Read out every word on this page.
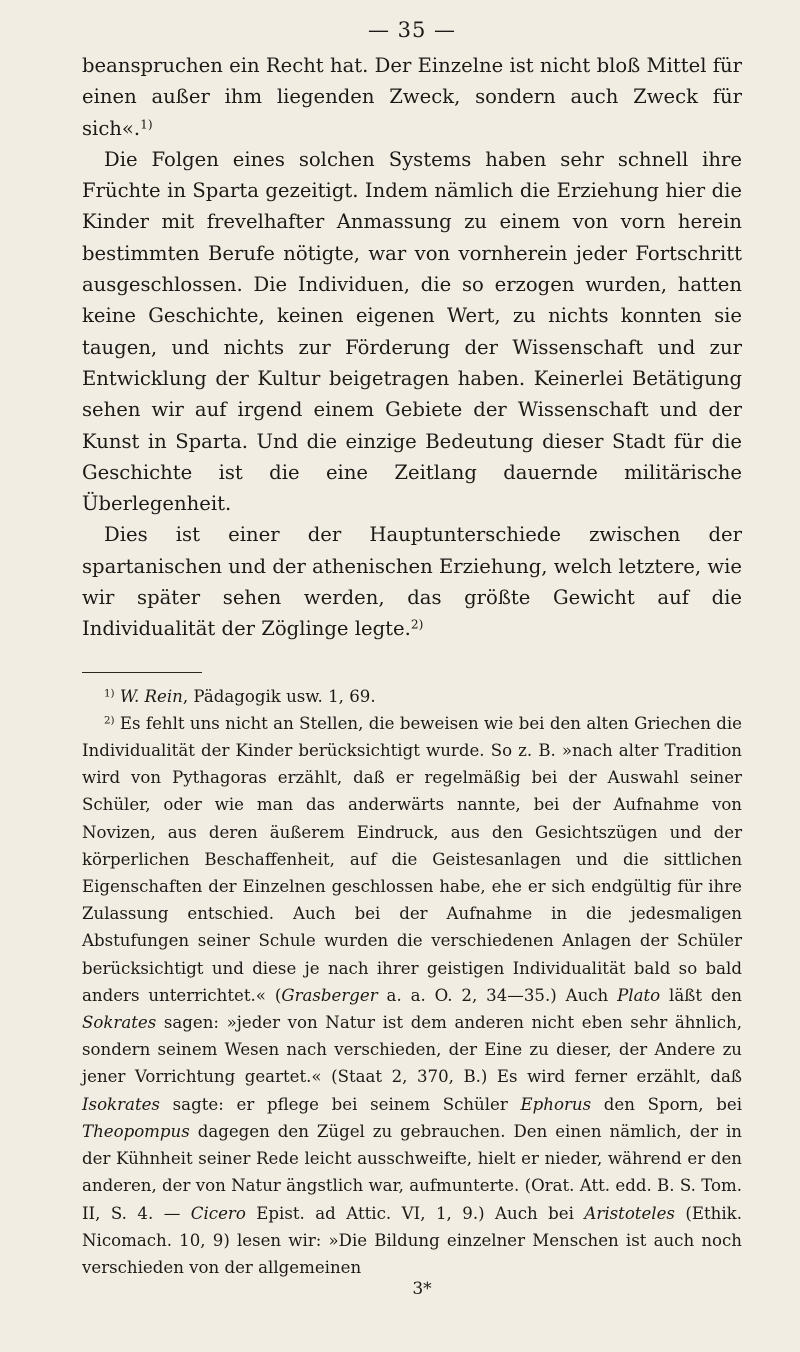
— 35 —

beanspruchen ein Recht hat. Der Einzelne ist nicht bloß Mittel für einen außer ihm liegenden Zweck, sondern auch Zweck für sich«.$^{1)}$

Die Folgen eines solchen Systems haben sehr schnell ihre Früchte in Sparta gezeitigt. Indem nämlich die Erziehung hier die Kinder mit frevelhafter Anmassung zu einem von vorn herein bestimmten Berufe nötigte, war von vornherein jeder Fortschritt ausgeschlossen. Die Individuen, die so erzogen wurden, hatten keine Geschichte, keinen eigenen Wert, zu nichts konnten sie taugen, und nichts zur Förderung der Wissenschaft und zur Entwicklung der Kultur beigetragen haben. Keinerlei Betätigung sehen wir auf irgend einem Gebiete der Wissenschaft und der Kunst in Sparta. Und die einzige Bedeutung dieser Stadt für die Geschichte ist die eine Zeitlang dauernde militärische Überlegenheit.

Dies ist einer der Hauptunterschiede zwischen der spartanischen und der athenischen Erziehung, welch letztere, wie wir später sehen werden, das größte Gewicht auf die Individualität der Zöglinge legte.$^{2)}$

$^{1)}$ W. Rein, Pädagogik usw. 1, 69.

$^{2)}$ Es fehlt uns nicht an Stellen, die beweisen wie bei den alten Griechen die Individualität der Kinder berücksichtigt wurde. So z. B. »nach alter Tradition wird von Pythagoras erzählt, daß er regelmäßig bei der Auswahl seiner Schüler, oder wie man das anderwärts nannte, bei der Aufnahme von Novizen, aus deren äußerem Eindruck, aus den Gesichtszügen und der körperlichen Beschaffenheit, auf die Geistesanlagen und die sittlichen Eigenschaften der Einzelnen geschlossen habe, ehe er sich endgültig für ihre Zulassung entschied. Auch bei der Aufnahme in die jedesmaligen Abstufungen seiner Schule wurden die verschiedenen Anlagen der Schüler berücksichtigt und diese je nach ihrer geistigen Individualität bald so bald anders unterrichtet.« (Grasberger a. a. O. 2, 34—35.) Auch Plato läßt den Sokrates sagen: »jeder von Natur ist dem anderen nicht eben sehr ähnlich, sondern seinem Wesen nach verschieden, der Eine zu dieser, der Andere zu jener Vorrichtung geartet.« (Staat 2, 370, B.) Es wird ferner erzählt, daß Isokrates sagte: er pflege bei seinem Schüler Ephorus den Sporn, bei Theopompus dagegen den Zügel zu gebrauchen. Den einen nämlich, der in der Kühnheit seiner Rede leicht ausschweifte, hielt er nieder, während er den anderen, der von Natur ängstlich war, aufmunterte. (Orat. Att. edd. B. S. Tom. II, S. 4. — Cicero Epist. ad Attic. VI, 1, 9.) Auch bei Aristoteles (Ethik. Nicomach. 10, 9) lesen wir: »Die Bildung einzelner Menschen ist auch noch verschieden von der allgemeinen

3*
